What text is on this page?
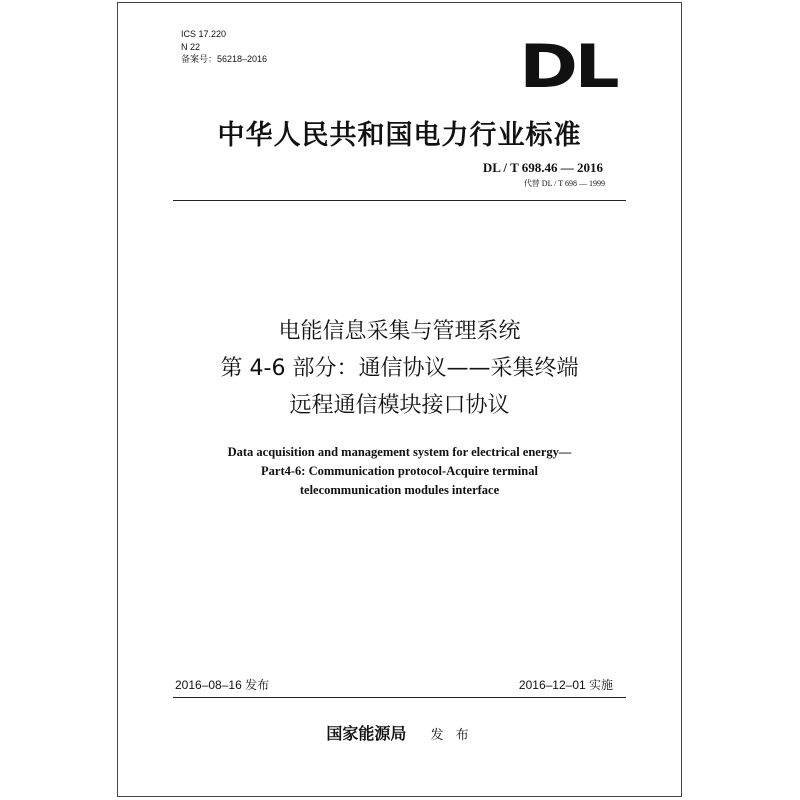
ICS 17.220
N 22
备案号：56218–2016	DL
中华人民共和国电力行业标准
DL / T 698.46 — 2016
代替 DL / T 698 — 1999
电能信息采集与管理系统
第 4-6 部分：通信协议——采集终端
远程通信模块接口协议
Data acquisition and management system for electrical energy—
Part4-6: Communication protocol-Acquire terminal
telecommunication modules interface
2016–08–16 发布	2016–12–01 实施
国家能源局 发 布
